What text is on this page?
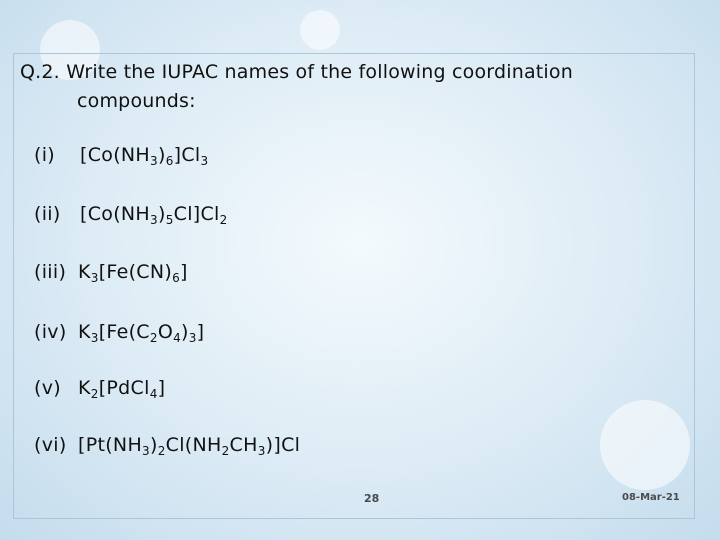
Q.2. Write the IUPAC names of the following coordination
compounds:
(i) $[Co(NH_3)_6]Cl_3$
(ii) $[Co(NH_3)_5Cl]Cl_2$
(iii) $K_3[Fe(CN)_6]$
(iv) $K_3[Fe(C_2O_4)_3]$
(v) $K_2[PdCl_4]$
(vi) $[Pt(NH_3)_2Cl(NH_2CH_3)]Cl$
28	08-Mar-21
